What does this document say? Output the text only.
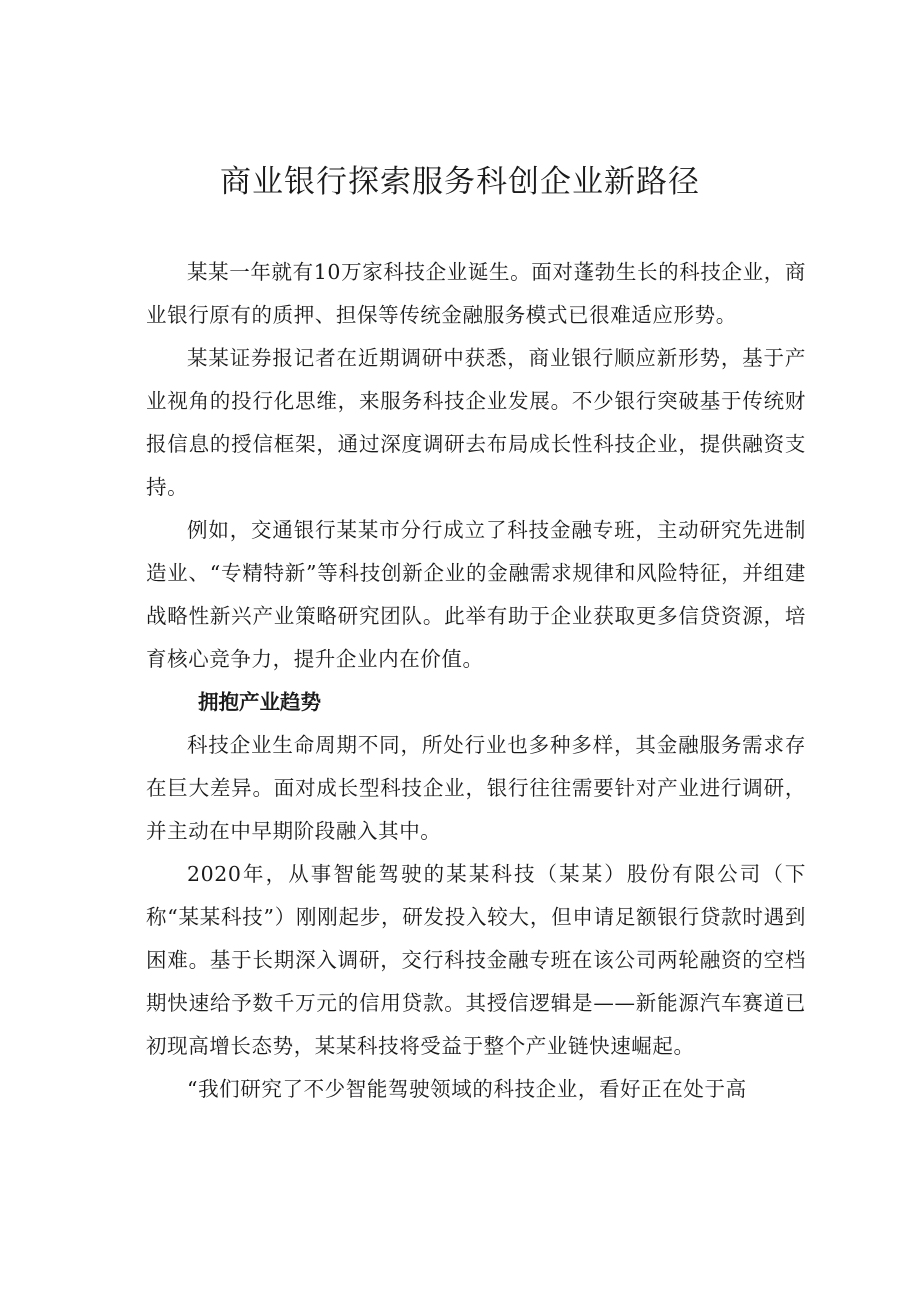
商业银行探索服务科创企业新路径

某某一年就有10万家科技企业诞生。面对蓬勃生长的科技企业，商业银行原有的质押、担保等传统金融服务模式已很难适应形势。

某某证券报记者在近期调研中获悉，商业银行顺应新形势，基于产业视角的投行化思维，来服务科技企业发展。不少银行突破基于传统财报信息的授信框架，通过深度调研去布局成长性科技企业，提供融资支持。

例如，交通银行某某市分行成立了科技金融专班，主动研究先进制造业、“专精特新”等科技创新企业的金融需求规律和风险特征，并组建战略性新兴产业策略研究团队。此举有助于企业获取更多信贷资源，培育核心竞争力，提升企业内在价值。

拥抱产业趋势

科技企业生命周期不同，所处行业也多种多样，其金融服务需求存在巨大差异。面对成长型科技企业，银行往往需要针对产业进行调研，并主动在中早期阶段融入其中。

2020年，从事智能驾驶的某某科技（某某）股份有限公司（下称“某某科技”）刚刚起步，研发投入较大，但申请足额银行贷款时遇到困难。基于长期深入调研，交行科技金融专班在该公司两轮融资的空档期快速给予数千万元的信用贷款。其授信逻辑是——新能源汽车赛道已初现高增长态势，某某科技将受益于整个产业链快速崛起。

“我们研究了不少智能驾驶领域的科技企业，看好正在处于高
